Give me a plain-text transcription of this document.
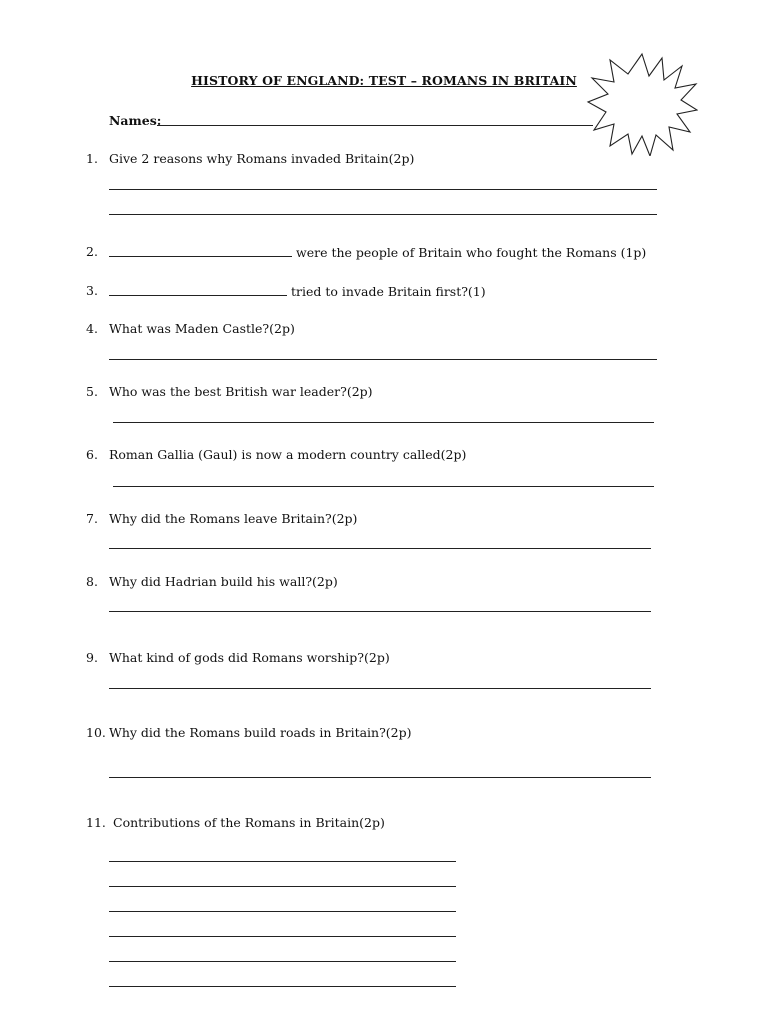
HISTORY OF ENGLAND: TEST – ROMANS IN BRITAIN
Names:
1. Give 2 reasons why Romans invaded Britain(2p)
2.	were the people of Britain who fought the Romans (1p)
3.	tried to invade Britain first?(1)
4. What was Maden Castle?(2p)
5. Who was the best British war leader?(2p)
6. Roman Gallia (Gaul) is now a modern country called(2p)
7. Why did the Romans leave Britain?(2p)
8. Why did Hadrian build his wall?(2p)
9. What kind of gods did Romans worship?(2p)
10. Why did the Romans build roads in Britain?(2p)
11. Contributions of the Romans in Britain(2p)
